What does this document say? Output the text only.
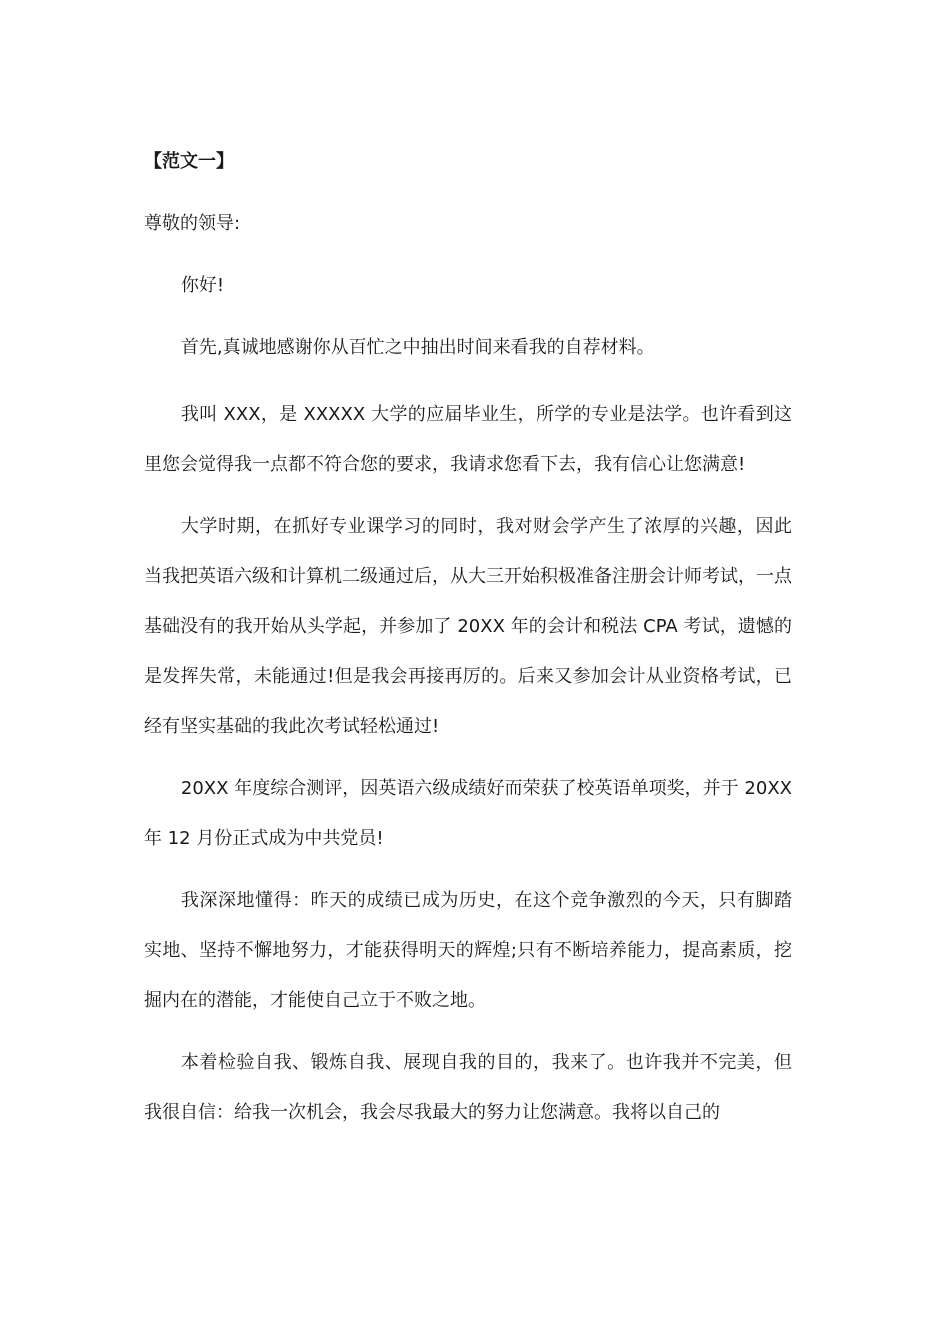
【范文一】
尊敬的领导:

你好!

首先,真诚地感谢你从百忙之中抽出时间来看我的自荐材料。

我叫 XXX，是 XXXXX 大学的应届毕业生，所学的专业是法学。也许看到这里您会觉得我一点都不符合您的要求，我请求您看下去，我有信心让您满意!

大学时期，在抓好专业课学习的同时，我对财会学产生了浓厚的兴趣，因此当我把英语六级和计算机二级通过后，从大三开始积极准备注册会计师考试，一点基础没有的我开始从头学起，并参加了 20XX 年的会计和税法 CPA 考试，遗憾的是发挥失常，未能通过!但是我会再接再厉的。后来又参加会计从业资格考试，已经有坚实基础的我此次考试轻松通过!

20XX 年度综合测评，因英语六级成绩好而荣获了校英语单项奖，并于 20XX 年 12 月份正式成为中共党员!

我深深地懂得：昨天的成绩已成为历史，在这个竞争激烈的今天，只有脚踏实地、坚持不懈地努力，才能获得明天的辉煌;只有不断培养能力，提高素质，挖掘内在的潜能，才能使自己立于不败之地。

本着检验自我、锻炼自我、展现自我的目的，我来了。也许我并不完美，但我很自信：给我一次机会，我会尽我最大的努力让您满意。我将以自己的
